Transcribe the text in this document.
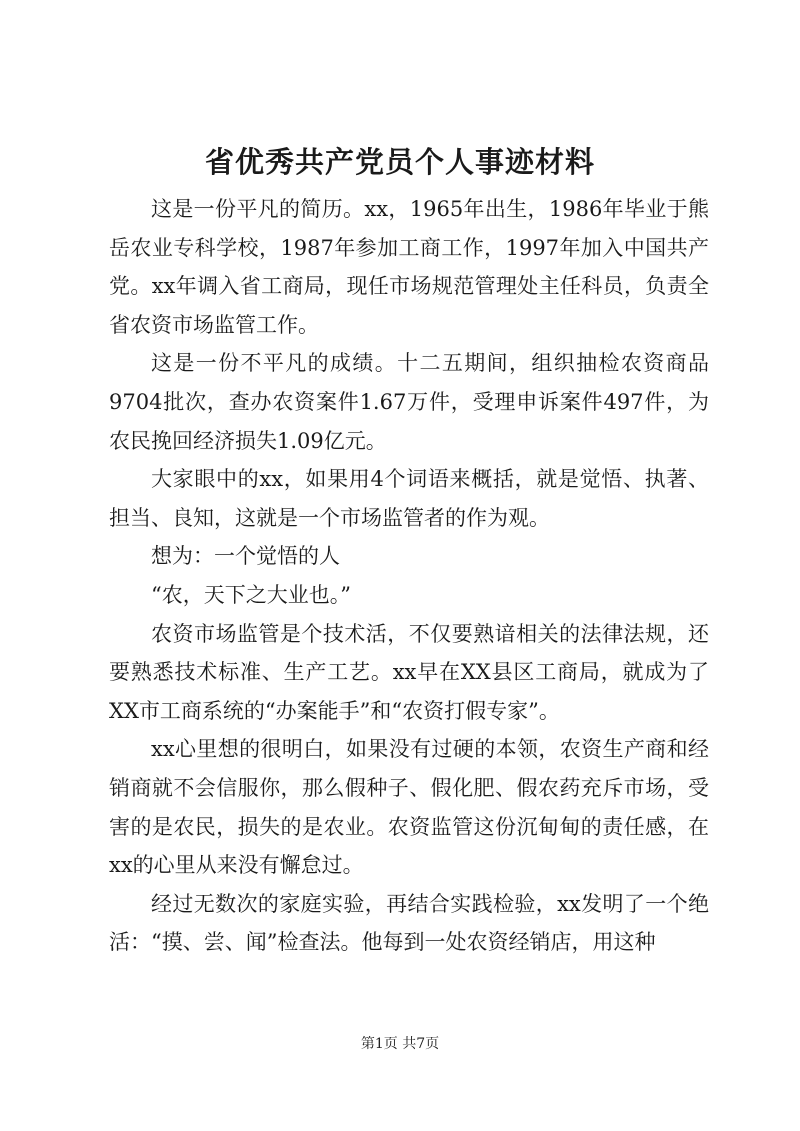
省优秀共产党员个人事迹材料

这是一份平凡的简历。xx，1965年出生，1986年毕业于熊岳农业专科学校，1987年参加工商工作，1997年加入中国共产党。xx年调入省工商局，现任市场规范管理处主任科员，负责全省农资市场监管工作。

这是一份不平凡的成绩。十二五期间，组织抽检农资商品9704批次，查办农资案件1.67万件，受理申诉案件497件，为农民挽回经济损失1.09亿元。

大家眼中的xx，如果用4个词语来概括，就是觉悟、执著、担当、良知，这就是一个市场监管者的作为观。

想为：一个觉悟的人

“农，天下之大业也。”

农资市场监管是个技术活，不仅要熟谙相关的法律法规，还要熟悉技术标准、生产工艺。xx早在XX县区工商局，就成为了XX市工商系统的“办案能手”和“农资打假专家”。

xx心里想的很明白，如果没有过硬的本领，农资生产商和经销商就不会信服你，那么假种子、假化肥、假农药充斥市场，受害的是农民，损失的是农业。农资监管这份沉甸甸的责任感，在xx的心里从来没有懈怠过。

经过无数次的家庭实验，再结合实践检验，xx发明了一个绝活：“摸、尝、闻”检查法。他每到一处农资经销店，用这种

第1页 共7页
